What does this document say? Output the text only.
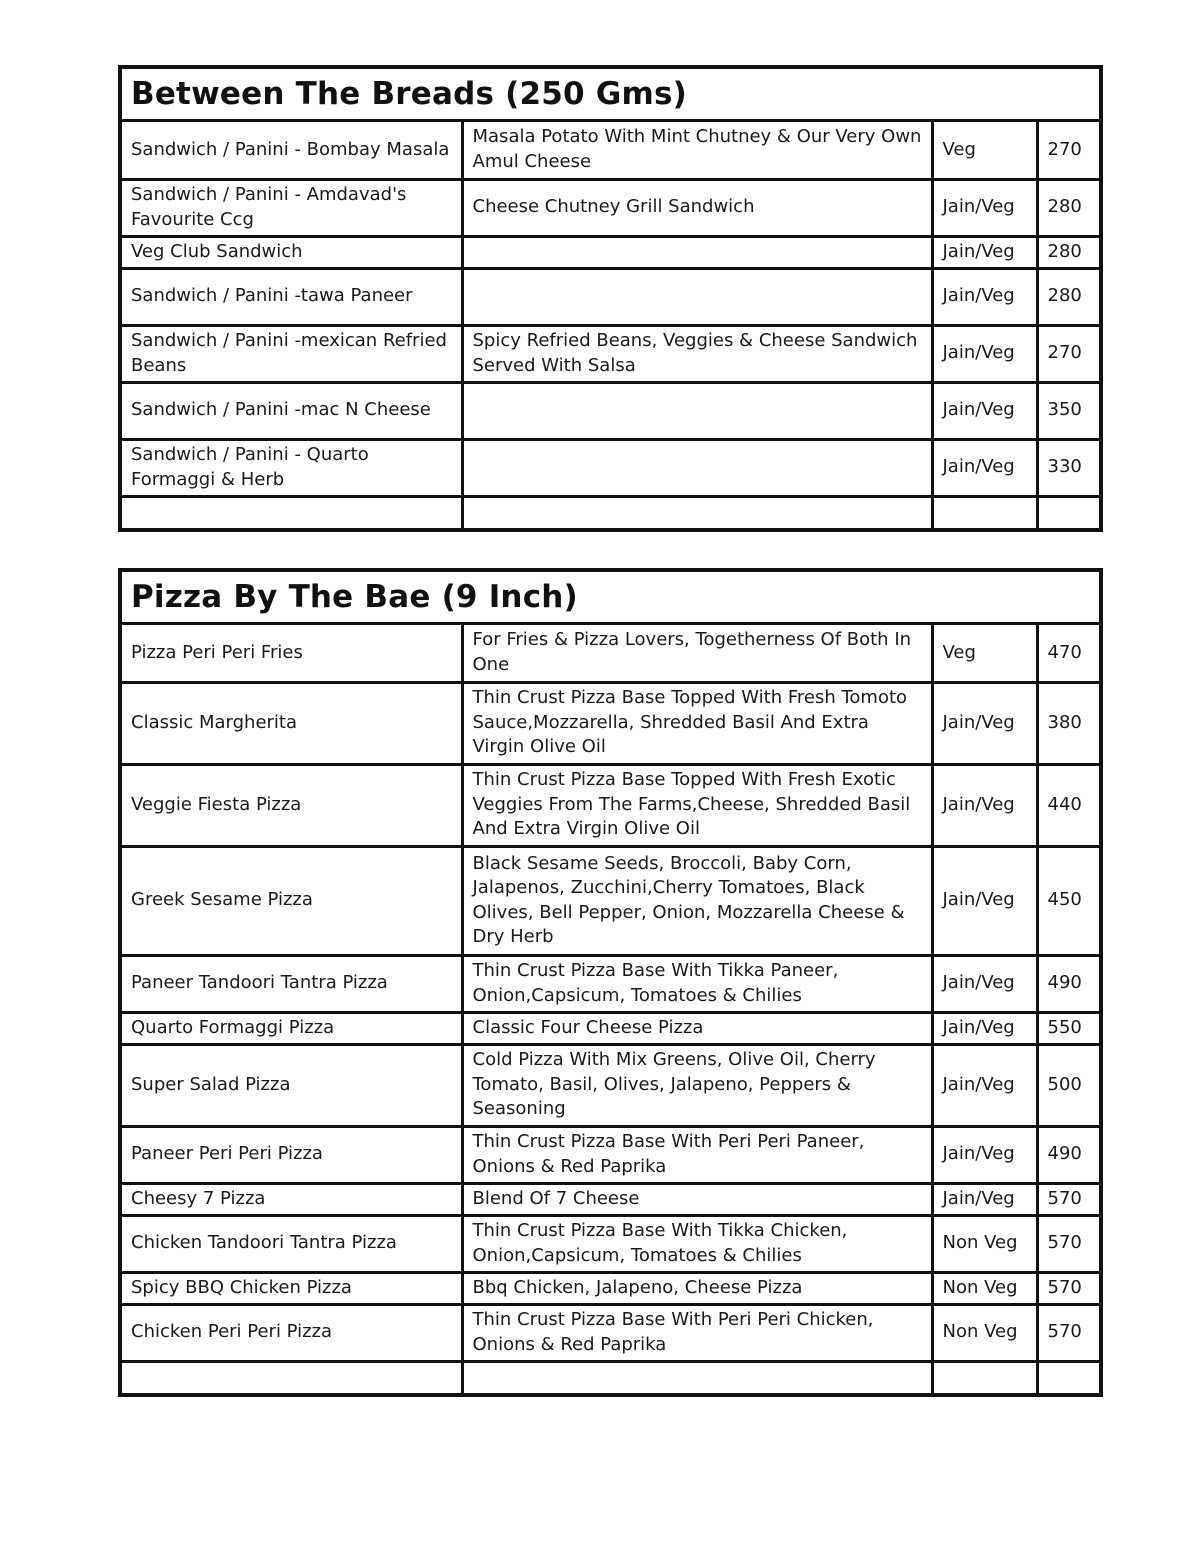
Between The Breads (250 Gms)
Sandwich / Panini - Bombay Masala	Masala Potato With Mint Chutney & Our Very Own Amul Cheese	Veg	270
Sandwich / Panini - Amdavad's Favourite Ccg	Cheese Chutney Grill Sandwich	Jain/Veg	280
Veg Club Sandwich		Jain/Veg	280
Sandwich / Panini -tawa Paneer		Jain/Veg	280
Sandwich / Panini -mexican Refried Beans	Spicy Refried Beans, Veggies & Cheese Sandwich Served With Salsa	Jain/Veg	270
Sandwich / Panini -mac N Cheese		Jain/Veg	350
Sandwich / Panini - Quarto Formaggi & Herb		Jain/Veg	330

Pizza By The Bae (9 Inch)
Pizza Peri Peri Fries	For Fries & Pizza Lovers, Togetherness Of Both In One	Veg	470
Classic Margherita	Thin Crust Pizza Base Topped With Fresh Tomoto Sauce,Mozzarella, Shredded Basil And Extra Virgin Olive Oil	Jain/Veg	380
Veggie Fiesta Pizza	Thin Crust Pizza Base Topped With Fresh Exotic Veggies From The Farms,Cheese, Shredded Basil And Extra Virgin Olive Oil	Jain/Veg	440
Greek Sesame Pizza	Black Sesame Seeds, Broccoli, Baby Corn, Jalapenos, Zucchini,Cherry Tomatoes, Black Olives, Bell Pepper, Onion, Mozzarella Cheese & Dry Herb	Jain/Veg	450
Paneer Tandoori Tantra Pizza	Thin Crust Pizza Base With Tikka Paneer, Onion,Capsicum, Tomatoes & Chilies	Jain/Veg	490
Quarto Formaggi Pizza	Classic Four Cheese Pizza	Jain/Veg	550
Super Salad Pizza	Cold Pizza With Mix Greens, Olive Oil, Cherry Tomato, Basil, Olives, Jalapeno, Peppers & Seasoning	Jain/Veg	500
Paneer Peri Peri Pizza	Thin Crust Pizza Base With Peri Peri Paneer, Onions & Red Paprika	Jain/Veg	490
Cheesy 7 Pizza	Blend Of 7 Cheese	Jain/Veg	570
Chicken Tandoori Tantra Pizza	Thin Crust Pizza Base With Tikka Chicken, Onion,Capsicum, Tomatoes & Chilies	Non Veg	570
Spicy BBQ Chicken Pizza	Bbq Chicken, Jalapeno, Cheese Pizza	Non Veg	570
Chicken Peri Peri Pizza	Thin Crust Pizza Base With Peri Peri Chicken, Onions & Red Paprika	Non Veg	570
